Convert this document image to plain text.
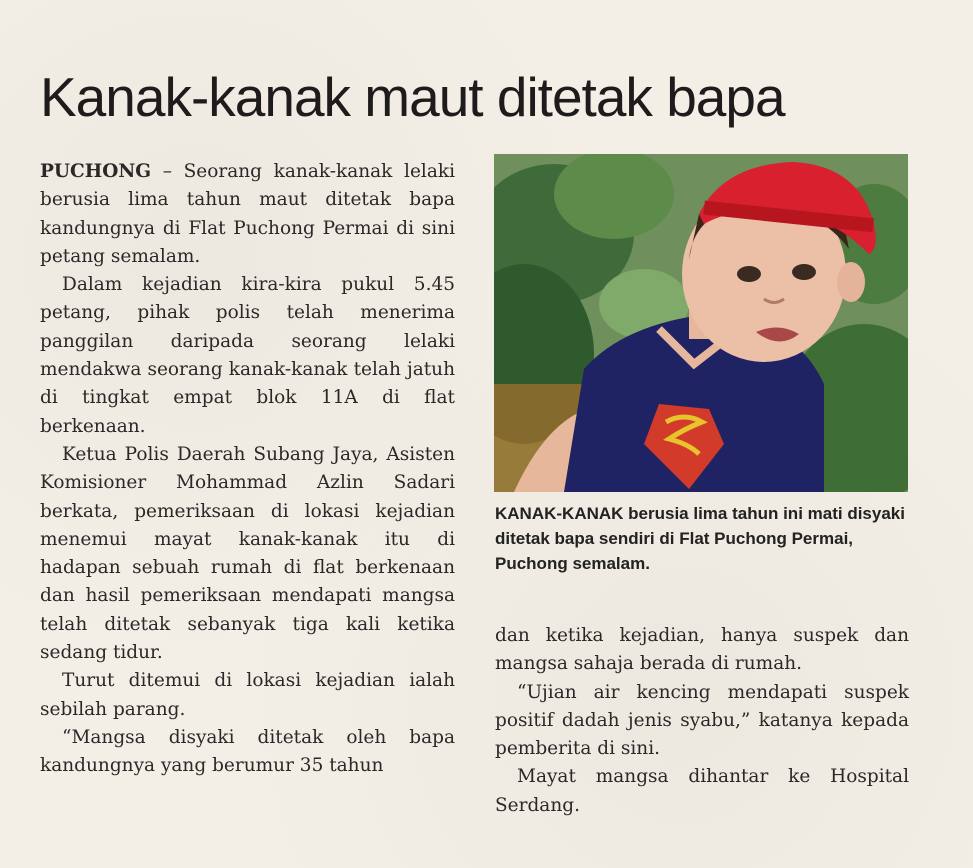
Kanak-kanak maut ditetak bapa

PUCHONG – Seorang kanak-kanak lelaki berusia lima tahun maut ditetak bapa kandungnya di Flat Puchong Permai di sini petang semalam.

Dalam kejadian kira-kira pukul 5.45 petang, pihak polis telah menerima panggilan daripada seorang lelaki mendakwa seorang kanak-kanak telah jatuh di tingkat empat blok 11A di flat berkenaan.

Ketua Polis Daerah Subang Jaya, Asisten Komisioner Mohammad Azlin Sadari berkata, pemeriksaan di lokasi kejadian menemui mayat kanak-kanak itu di hadapan sebuah rumah di flat berkenaan dan hasil pemeriksaan mendapati mangsa telah ditetak sebanyak tiga kali ketika sedang tidur.

Turut ditemui di lokasi kejadian ialah sebilah parang.

“Mangsa disyaki ditetak oleh bapa kandungnya yang berumur 35 tahun

KANAK-KANAK berusia lima tahun ini mati disyaki ditetak bapa sendiri di Flat Puchong Permai, Puchong semalam.

dan ketika kejadian, hanya suspek dan mangsa sahaja berada di rumah.

“Ujian air kencing mendapati suspek positif dadah jenis syabu,” katanya kepada pemberita di sini.

Mayat mangsa dihantar ke Hospital Serdang.
